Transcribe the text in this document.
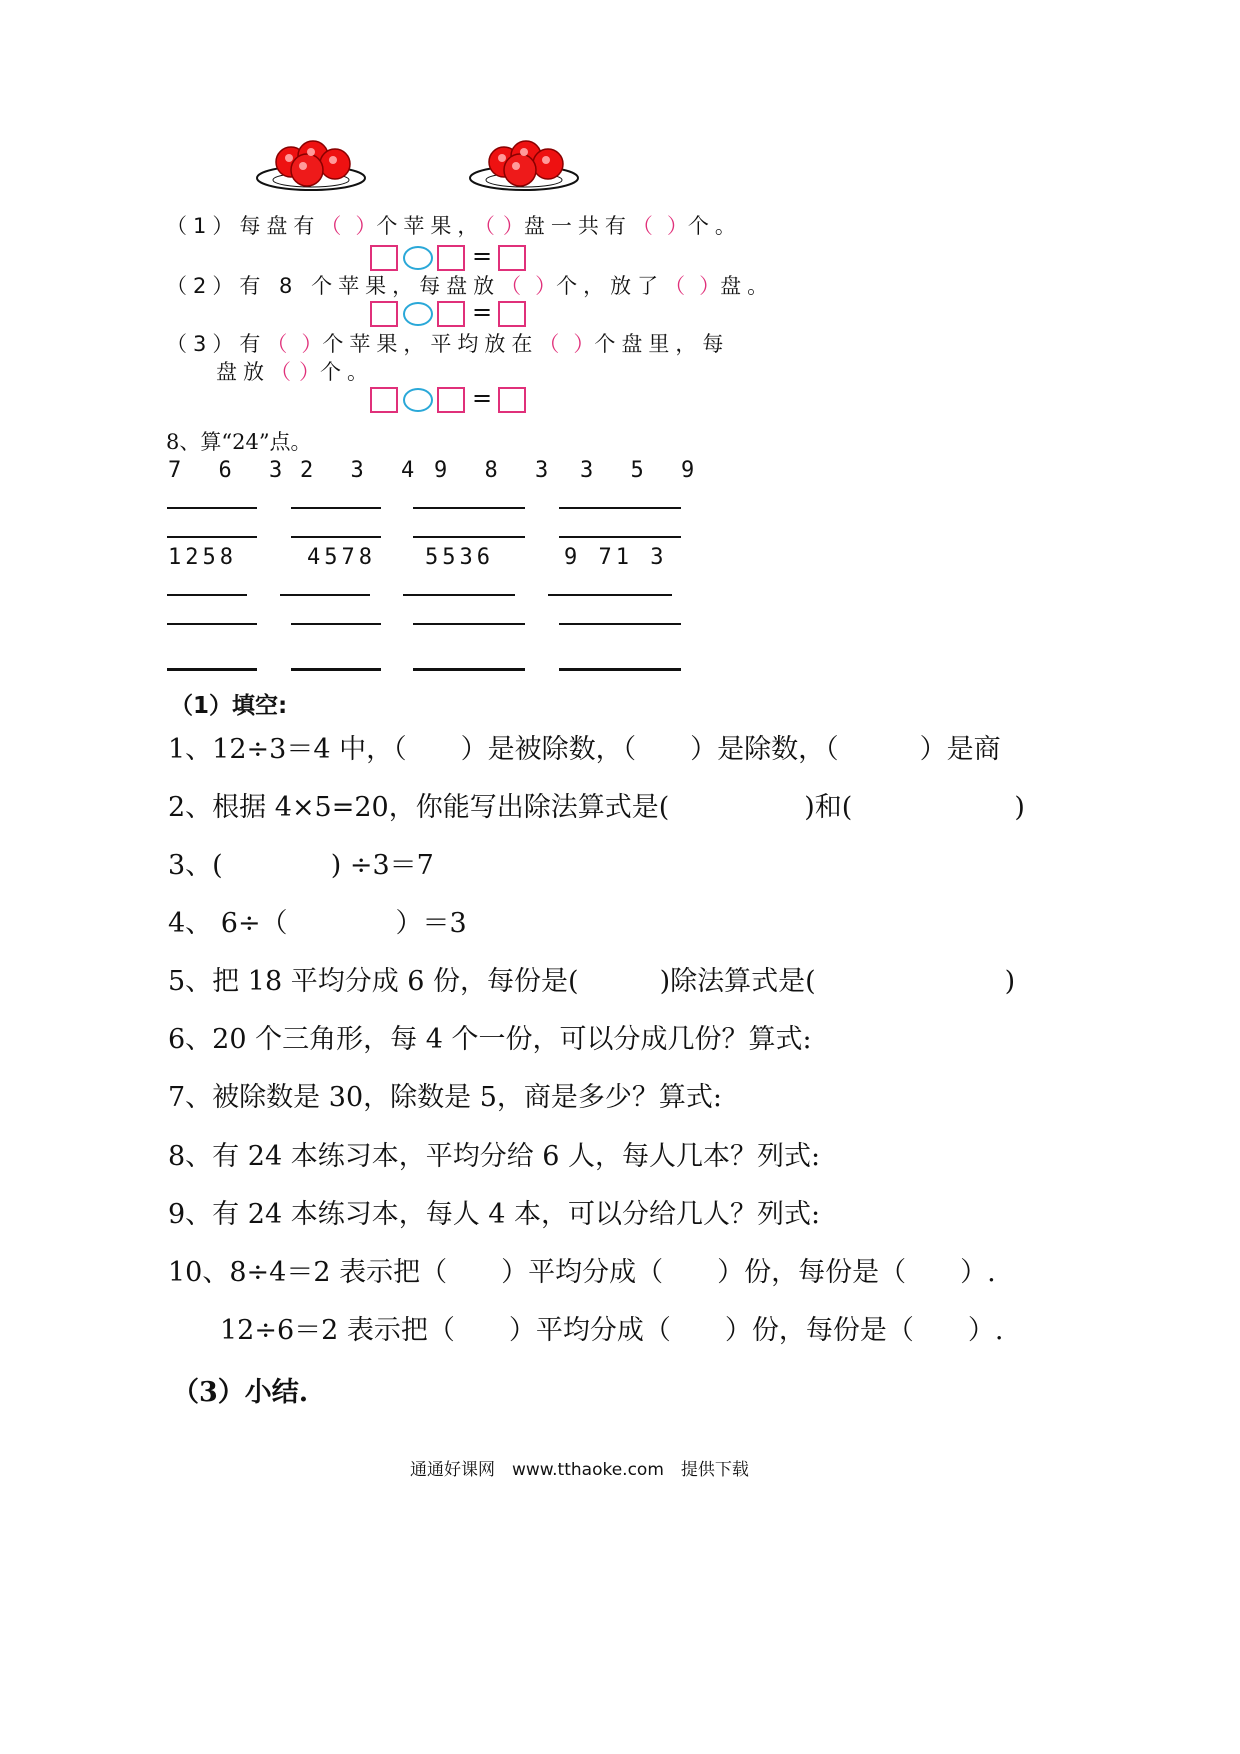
（1）每盘有（ ）个苹果，（ ）盘一共有（ ）个。
=
（2）有 8 个苹果，每盘放（ ）个，放了（ ）盘。
=
（3）有（ ）个苹果，平均放在（ ）个盘里，每
盘放（ ）个。
=
8、算“24”点。
7 6 3 2 3 4 9 8 3 3 5 9
1258	4578 5536	9 71 3
（1）填空:
1、12÷3＝4 中，（　　）是被除数，（　　）是除数，（　　　）是商
2、根据 4×5=20，你能写出除法算式是(　　　　　)和(　　　　　　)
3、(　　　　) ÷3＝7
4、 6÷（　　　　）＝3
5、把 18 平均分成 6 份，每份是(　　　)除法算式是(　　　　　　　)
6、20 个三角形，每 4 个一份，可以分成几份？算式:
7、被除数是 30，除数是 5，商是多少？算式:
8、有 24 本练习本，平均分给 6 人，每人几本？列式:
9、有 24 本练习本，每人 4 本，可以分给几人？列式:
10、8÷4＝2 表示把（　　）平均分成（　　）份，每份是（　　）.
12÷6＝2 表示把（　　）平均分成（　　）份，每份是（　　）.
（3）小结.
通通好课网　www.tthaoke.com　提供下载
